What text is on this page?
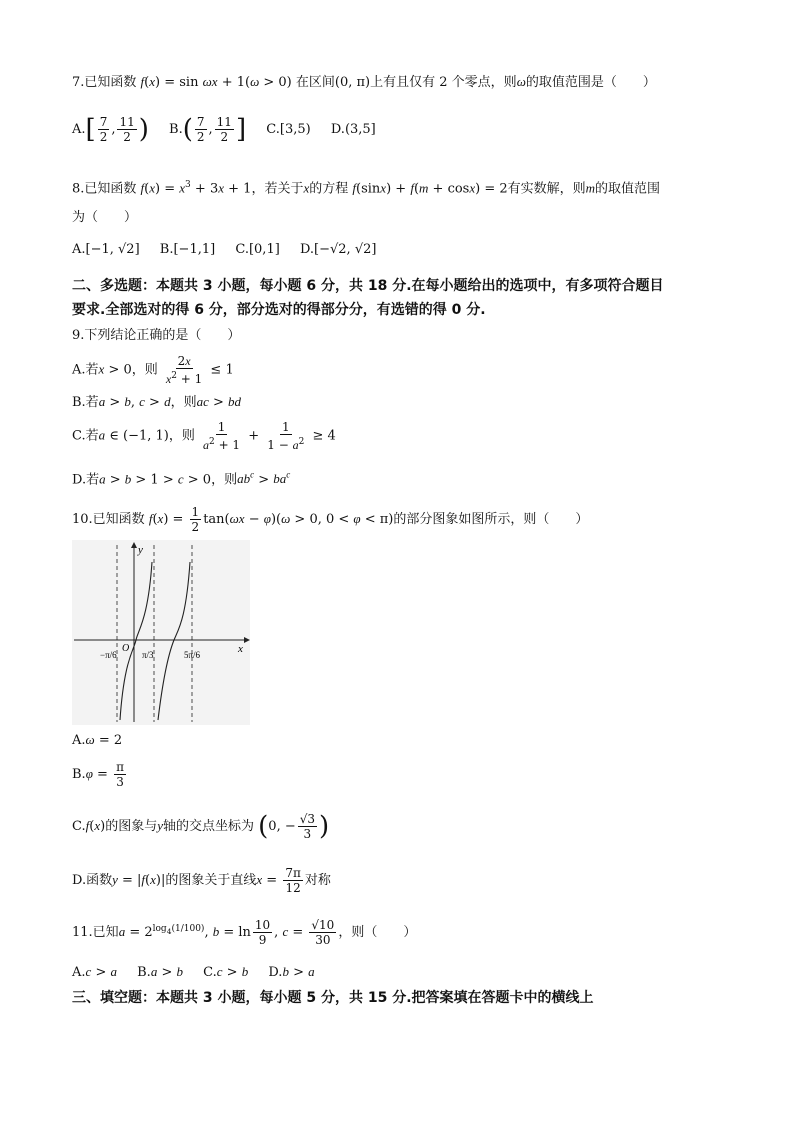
7.已知函数 f(x) = sin ωx + 1(ω > 0) 在区间(0, π)上有且仅有 2 个零点，则ω的取值范围是（　　）
$A.[ \frac{7}{2}$ , $\frac{11}{2}$ ) $B.( \frac{7}{2}$ , $\frac{11}{2}$ ] C.[3,5) D.(3,5]
8.已知函数 $f(x) = x^3 + 3x + 1$，若关于x的方程 f(sinx) + f(m + cosx) = 2有实数解，则m的取值范围
为（　　）
A.[−1, √2] B.[−1,1] C.[0,1] D.[−√2, √2]
二、多选题：本题共 3 小题，每小题 6 分，共 18 分.在每小题给出的选项中，有多项符合题目
要求.全部选对的得 6 分，部分选对的得部分分，有选错的得 0 分.
9.下列结论正确的是（　　）
A.若x > 0，则 $\frac{2x}{x^2 + 1} \le 1$
B.若a > b, c > d，则ac > bd
C.若a ∈ (−1, 1)，则 $\frac{1}{a^2 + 1} + \frac{1}{1 - a^2} \ge 4$
D.若a > b > 1 > c > 0，则$ab^c > ba^c$
10.已知函数 $f(x) = \frac{1}{2} \tan(\omega x - \varphi)(\omega > 0$, 0 < φ < π)的部分图象如图所示，则（　　）
y
x
O
−π/6	π/3	5π/6
A.ω = 2
$B.\varphi = \frac{\pi}{3}$
C.f(x)的图象与y轴的交点坐标为 (0, − $\frac{√3}{3}$ )
D.函数y = |f(x)|的图象关于直线$x = \frac{7\pi}{12}$ 对称
11.已知$a = 2^{log_4(1/100)}$, $b = \ln \frac{10}{9}$ , $c = \frac{√10}{30}$ ，则（　　）
A.c > a B.a > b C.c > b D.b > a
三、填空题：本题共 3 小题，每小题 5 分，共 15 分.把答案填在答题卡中的横线上
